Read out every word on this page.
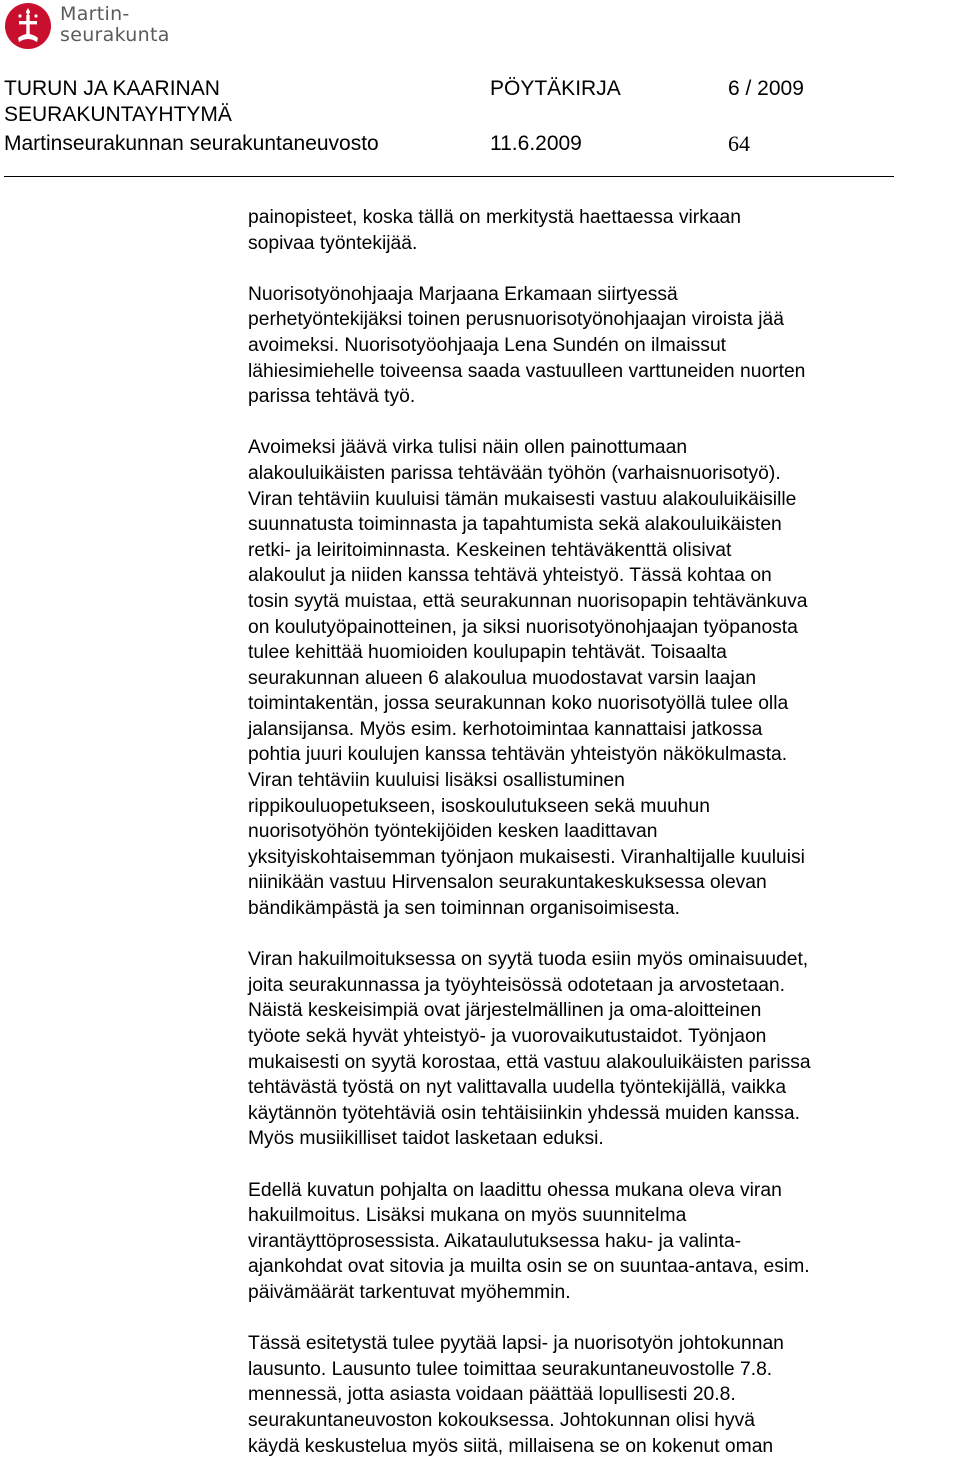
Martin-
seurakunta
TURUN JA KAARINAN	PÖYTÄKIRJA	6 / 2009
SEURAKUNTAYHTYMÄ
Martinseurakunnan seurakuntaneuvosto	11.6.2009	64

painopisteet, koska tällä on merkitystä haettaessa virkaan
sopivaa työntekijää.

Nuorisotyönohjaaja Marjaana Erkamaan siirtyessä
perhetyöntekijäksi toinen perusnuorisotyönohjaajan viroista jää
avoimeksi. Nuorisotyöohjaaja Lena Sundén on ilmaissut
lähiesimiehelle toiveensa saada vastuulleen varttuneiden nuorten
parissa tehtävä työ.

Avoimeksi jäävä virka tulisi näin ollen painottumaan
alakouluikäisten parissa tehtävään työhön (varhaisnuorisotyö).
Viran tehtäviin kuuluisi tämän mukaisesti vastuu alakouluikäisille
suunnatusta toiminnasta ja tapahtumista sekä alakouluikäisten
retki- ja leiritoiminnasta. Keskeinen tehtäväkenttä olisivat
alakoulut ja niiden kanssa tehtävä yhteistyö. Tässä kohtaa on
tosin syytä muistaa, että seurakunnan nuorisopapin tehtävänkuva
on koulutyöpainotteinen, ja siksi nuorisotyönohjaajan työpanosta
tulee kehittää huomioiden koulupapin tehtävät. Toisaalta
seurakunnan alueen 6 alakoulua muodostavat varsin laajan
toimintakentän, jossa seurakunnan koko nuorisotyöllä tulee olla
jalansijansa. Myös esim. kerhotoimintaa kannattaisi jatkossa
pohtia juuri koulujen kanssa tehtävän yhteistyön näkökulmasta.
Viran tehtäviin kuuluisi lisäksi osallistuminen
rippikouluopetukseen, isoskoulutukseen sekä muuhun
nuorisotyöhön työntekijöiden kesken laadittavan
yksityiskohtaisemman työnjaon mukaisesti. Viranhaltijalle kuuluisi
niinikään vastuu Hirvensalon seurakuntakeskuksessa olevan
bändikämpästä ja sen toiminnan organisoimisesta.

Viran hakuilmoituksessa on syytä tuoda esiin myös ominaisuudet,
joita seurakunnassa ja työyhteisössä odotetaan ja arvostetaan.
Näistä keskeisimpiä ovat järjestelmällinen ja oma-aloitteinen
työote sekä hyvät yhteistyö- ja vuorovaikutustaidot. Työnjaon
mukaisesti on syytä korostaa, että vastuu alakouluikäisten parissa
tehtävästä työstä on nyt valittavalla uudella työntekijällä, vaikka
käytännön työtehtäviä osin tehtäisiinkin yhdessä muiden kanssa.
Myös musiikilliset taidot lasketaan eduksi.

Edellä kuvatun pohjalta on laadittu ohessa mukana oleva viran
hakuilmoitus. Lisäksi mukana on myös suunnitelma
virantäyttöprosessista. Aikataulutuksessa haku- ja valinta-
ajankohdat ovat sitovia ja muilta osin se on suuntaa-antava, esim.
päivämäärät tarkentuvat myöhemmin.

Tässä esitetystä tulee pyytää lapsi- ja nuorisotyön johtokunnan
lausunto. Lausunto tulee toimittaa seurakuntaneuvostolle 7.8.
mennessä, jotta asiasta voidaan päättää lopullisesti 20.8.
seurakuntaneuvoston kokouksessa. Johtokunnan olisi hyvä
käydä keskustelua myös siitä, millaisena se on kokenut oman
